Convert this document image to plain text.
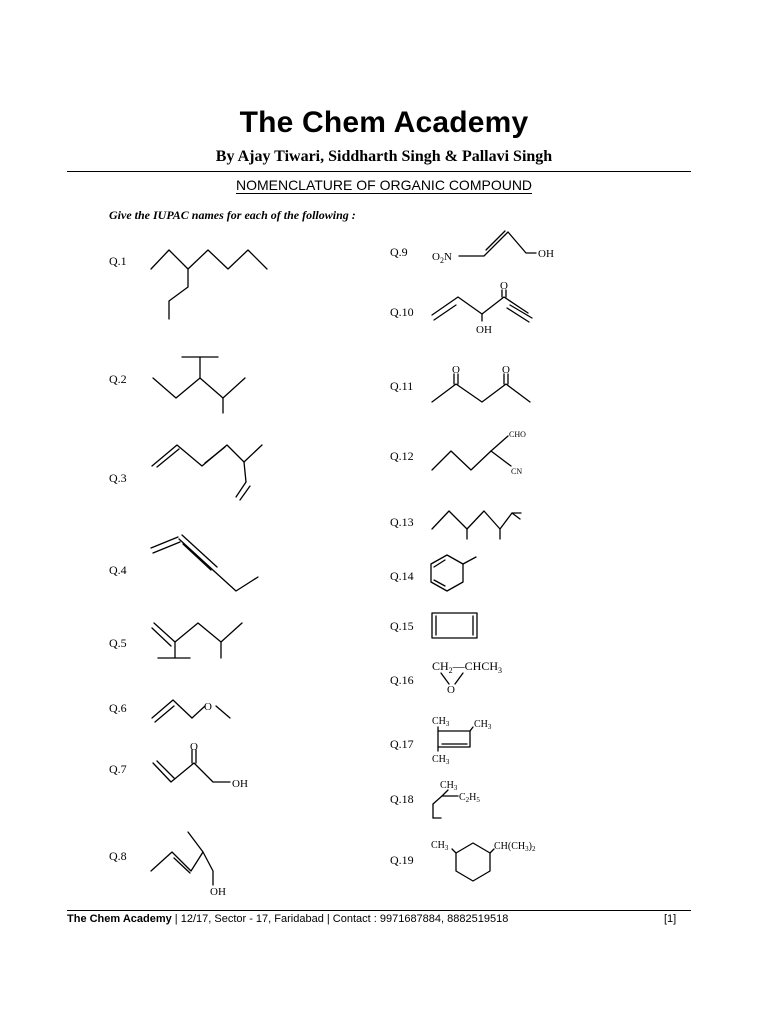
The Chem Academy
By Ajay Tiwari, Siddharth Singh & Pallavi Singh
NOMENCLATURE OF ORGANIC COMPOUND
Give the IUPAC names for each of the following :
Q.1
Q.2
Q.3
Q.4
Q.5
Q.6
Q.7
Q.8
Q.9
Q.10
Q.11
Q.12
Q.13
Q.14
Q.15
Q.16
Q.17
Q.18
Q.19
O
O
OH
OH
$O_2N$	OH
O
OH
O	O
CHO
CN
$CH_2—CHCH_3$
O
$CH_3$ $CH_3$
$CH_3$
$CH_3$
$C_2H_5$
$CH_3$	$CH(CH_3)_2$
The Chem Academy | 12/17, Sector - 17, Faridabad | Contact : 9971687884, 8882519518	[1]
